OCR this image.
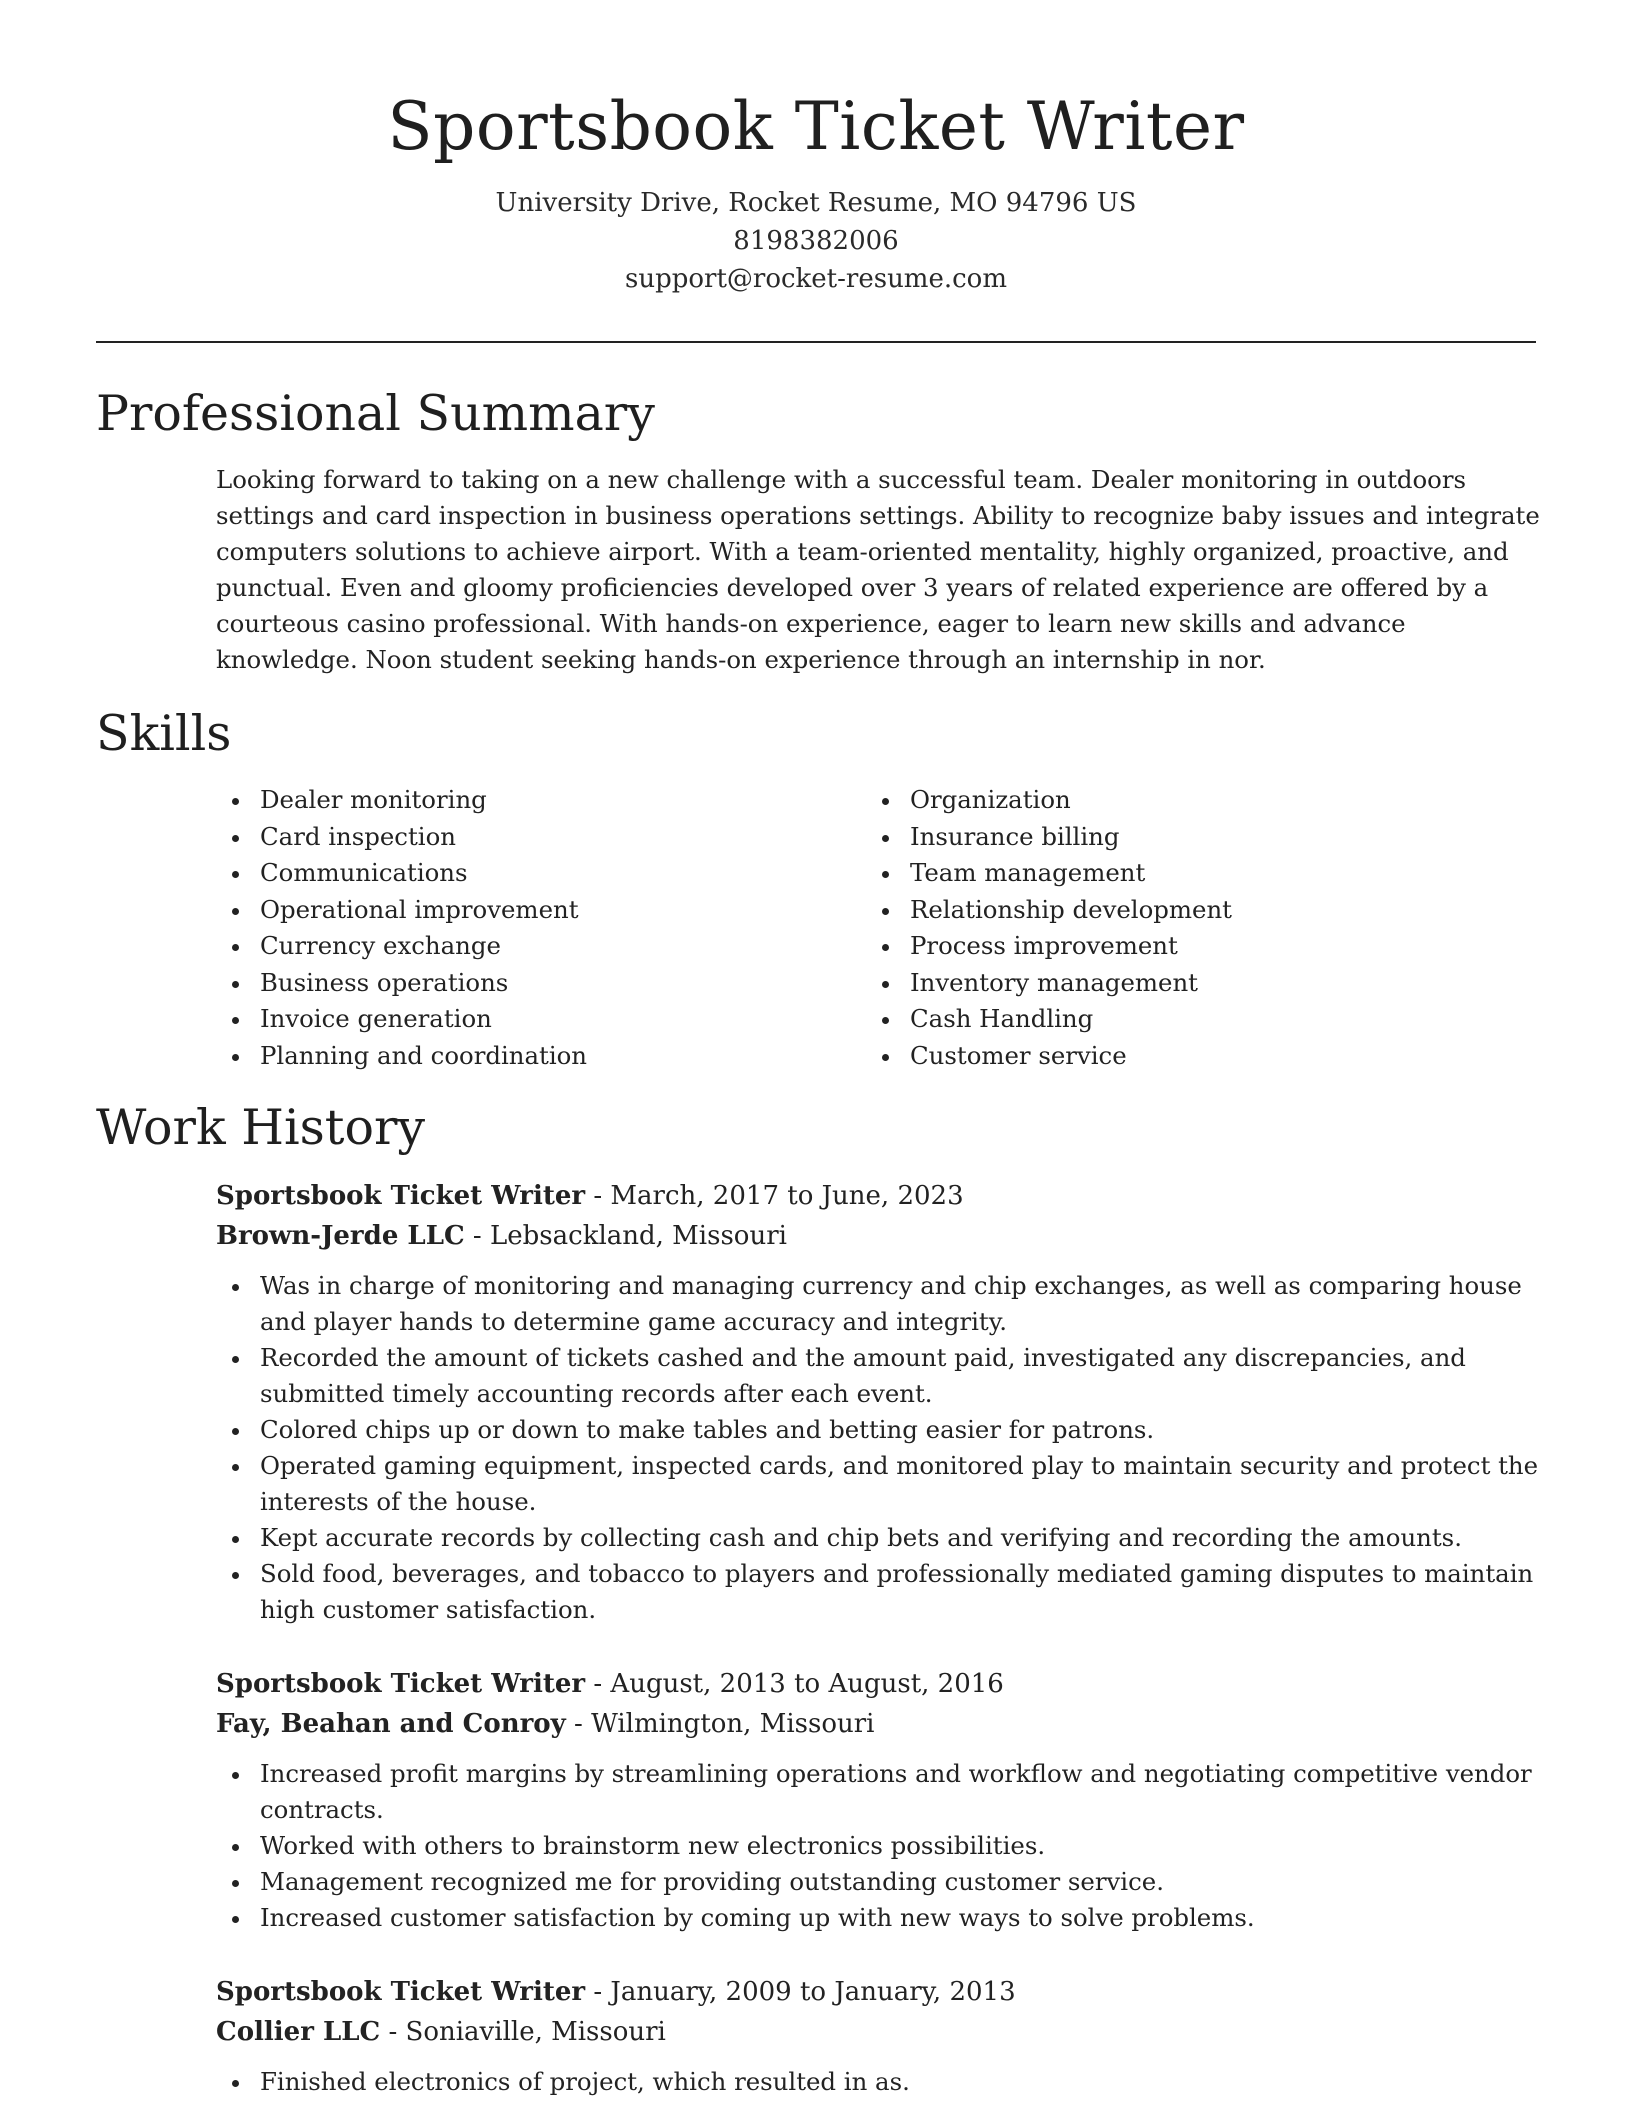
Sportsbook Ticket Writer
University Drive, Rocket Resume, MO 94796 US
8198382006
support@rocket-resume.com
Professional Summary

Looking forward to taking on a new challenge with a successful team. Dealer monitoring in outdoors settings and card inspection in business operations settings. Ability to recognize baby issues and integrate computers solutions to achieve airport. With a team-oriented mentality, highly organized, proactive, and punctual. Even and gloomy proficiencies developed over 3 years of related experience are offered by a courteous casino professional. With hands-on experience, eager to learn new skills and advance knowledge. Noon student seeking hands-on experience through an internship in nor.

Skills
Dealer monitoring
Card inspection
Communications
Operational improvement
Currency exchange
Business operations
Invoice generation
Planning and coordination
Organization
Insurance billing
Team management
Relationship development
Process improvement
Inventory management
Cash Handling
Customer service
Work History
Sportsbook Ticket Writer - March, 2017 to June, 2023
Brown-Jerde LLC - Lebsackland, Missouri
Was in charge of monitoring and managing currency and chip exchanges, as well as comparing house and player hands to determine game accuracy and integrity.
Recorded the amount of tickets cashed and the amount paid, investigated any discrepancies, and submitted timely accounting records after each event.
Colored chips up or down to make tables and betting easier for patrons.
Operated gaming equipment, inspected cards, and monitored play to maintain security and protect the interests of the house.
Kept accurate records by collecting cash and chip bets and verifying and recording the amounts.
Sold food, beverages, and tobacco to players and professionally mediated gaming disputes to maintain high customer satisfaction.
Sportsbook Ticket Writer - August, 2013 to August, 2016
Fay, Beahan and Conroy - Wilmington, Missouri
Increased profit margins by streamlining operations and workflow and negotiating competitive vendor contracts.
Worked with others to brainstorm new electronics possibilities.
Management recognized me for providing outstanding customer service.
Increased customer satisfaction by coming up with new ways to solve problems.
Sportsbook Ticket Writer - January, 2009 to January, 2013
Collier LLC - Soniaville, Missouri
Finished electronics of project, which resulted in as.
